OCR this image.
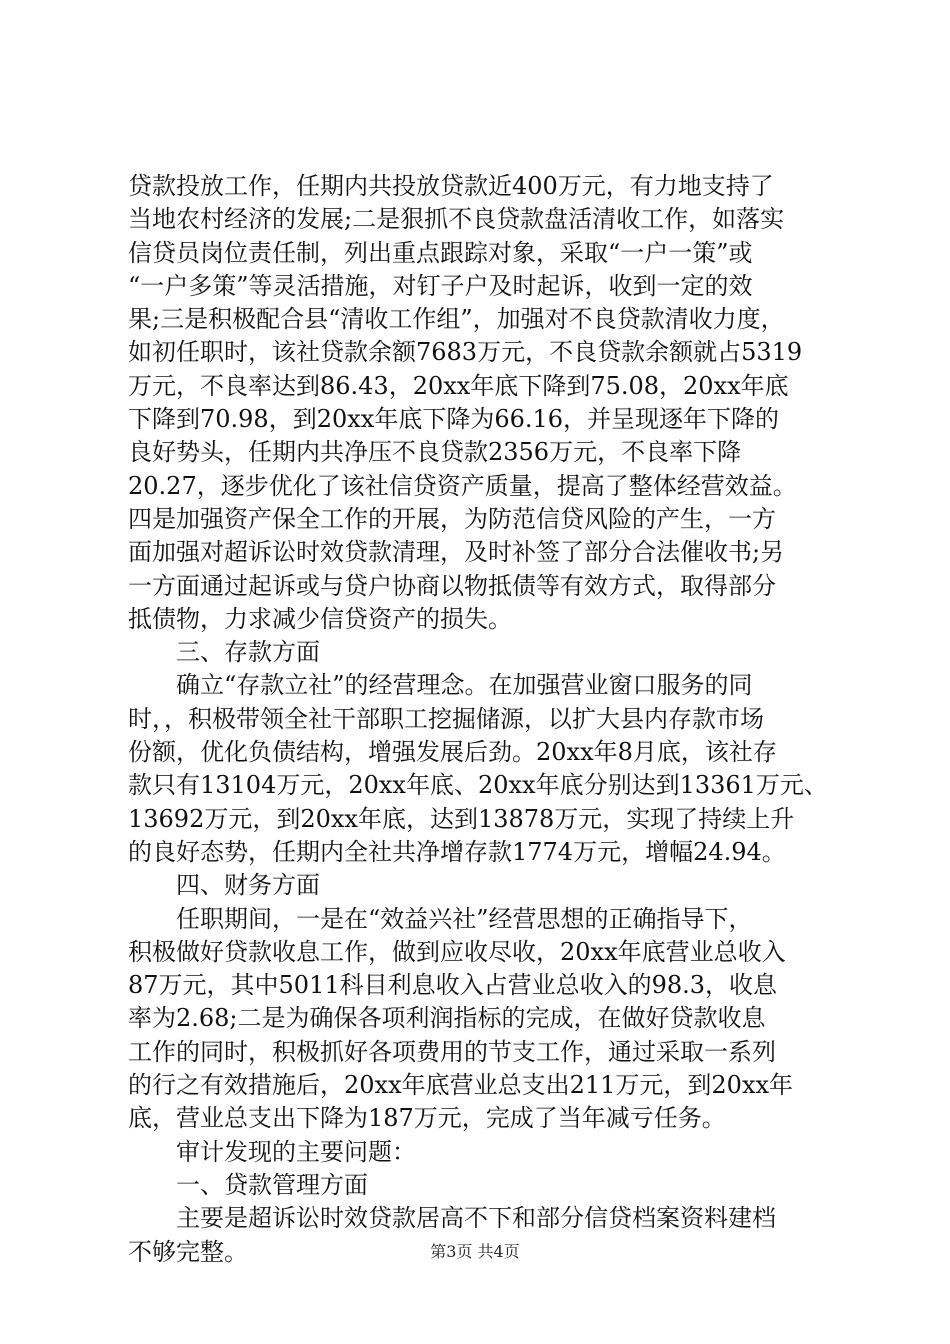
贷款投放工作，任期内共投放贷款近400万元，有力地支持了
当地农村经济的发展;二是狠抓不良贷款盘活清收工作，如落实
信贷员岗位责任制，列出重点跟踪对象，采取“一户一策”或
“一户多策”等灵活措施，对钉子户及时起诉，收到一定的效
果;三是积极配合县“清收工作组”，加强对不良贷款清收力度，
如初任职时，该社贷款余额7683万元，不良贷款余额就占5319
万元，不良率达到86.43，20xx年底下降到75.08，20xx年底
下降到70.98，到20xx年底下降为66.16，并呈现逐年下降的
良好势头，任期内共净压不良贷款2356万元，不良率下降
20.27，逐步优化了该社信贷资产质量，提高了整体经营效益。
四是加强资产保全工作的开展，为防范信贷风险的产生，一方
面加强对超诉讼时效贷款清理，及时补签了部分合法催收书;另
一方面通过起诉或与贷户协商以物抵债等有效方式，取得部分
抵债物，力求减少信贷资产的损失。
三、存款方面
确立“存款立社”的经营理念。在加强营业窗口服务的同
时，，积极带领全社干部职工挖掘储源，以扩大县内存款市场
份额，优化负债结构，增强发展后劲。20xx年8月底，该社存
款只有13104万元，20xx年底、20xx年底分别达到13361万元、
13692万元，到20xx年底，达到13878万元，实现了持续上升
的良好态势，任期内全社共净增存款1774万元，增幅24.94。
四、财务方面
任职期间，一是在“效益兴社”经营思想的正确指导下，
积极做好贷款收息工作，做到应收尽收，20xx年底营业总收入
87万元，其中5011科目利息收入占营业总收入的98.3，收息
率为2.68;二是为确保各项利润指标的完成，在做好贷款收息
工作的同时，积极抓好各项费用的节支工作，通过采取一系列
的行之有效措施后，20xx年底营业总支出211万元，到20xx年
底，营业总支出下降为187万元，完成了当年减亏任务。
审计发现的主要问题：
一、贷款管理方面
主要是超诉讼时效贷款居高不下和部分信贷档案资料建档
不够完整。	第3页 共4页
